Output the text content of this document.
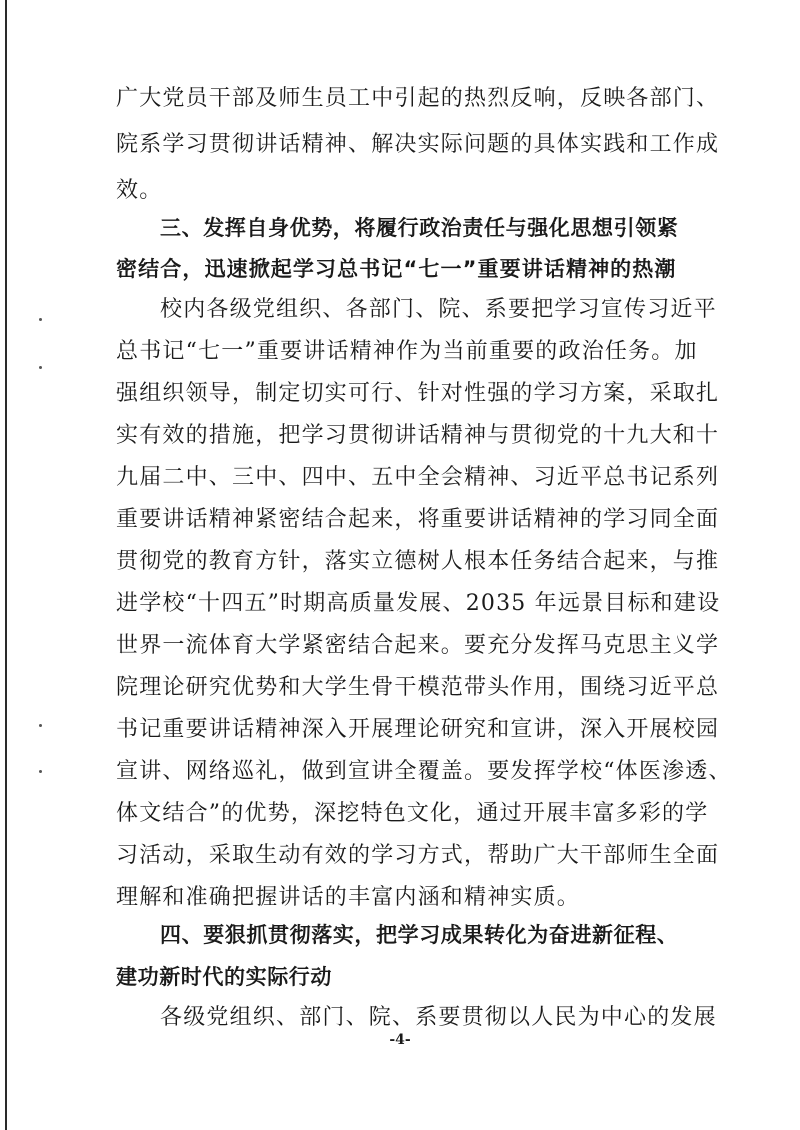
广大党员干部及师生员工中引起的热烈反响，反映各部门、
院系学习贯彻讲话精神、解决实际问题的具体实践和工作成
效。
三、发挥自身优势，将履行政治责任与强化思想引领紧
密结合，迅速掀起学习总书记“七一”重要讲话精神的热潮
校内各级党组织、各部门、院、系要把学习宣传习近平
总书记“七一”重要讲话精神作为当前重要的政治任务。加
强组织领导，制定切实可行、针对性强的学习方案，采取扎
实有效的措施，把学习贯彻讲话精神与贯彻党的十九大和十
九届二中、三中、四中、五中全会精神、习近平总书记系列
重要讲话精神紧密结合起来，将重要讲话精神的学习同全面
贯彻党的教育方针，落实立德树人根本任务结合起来，与推
进学校“十四五”时期高质量发展、2035 年远景目标和建设
世界一流体育大学紧密结合起来。要充分发挥马克思主义学
院理论研究优势和大学生骨干模范带头作用，围绕习近平总
书记重要讲话精神深入开展理论研究和宣讲，深入开展校园
宣讲、网络巡礼，做到宣讲全覆盖。要发挥学校“体医渗透、
体文结合”的优势，深挖特色文化，通过开展丰富多彩的学
习活动，采取生动有效的学习方式，帮助广大干部师生全面
理解和准确把握讲话的丰富内涵和精神实质。
四、要狠抓贯彻落实，把学习成果转化为奋进新征程、
建功新时代的实际行动
各级党组织、部门、院、系要贯彻以人民为中心的发展
-4-
